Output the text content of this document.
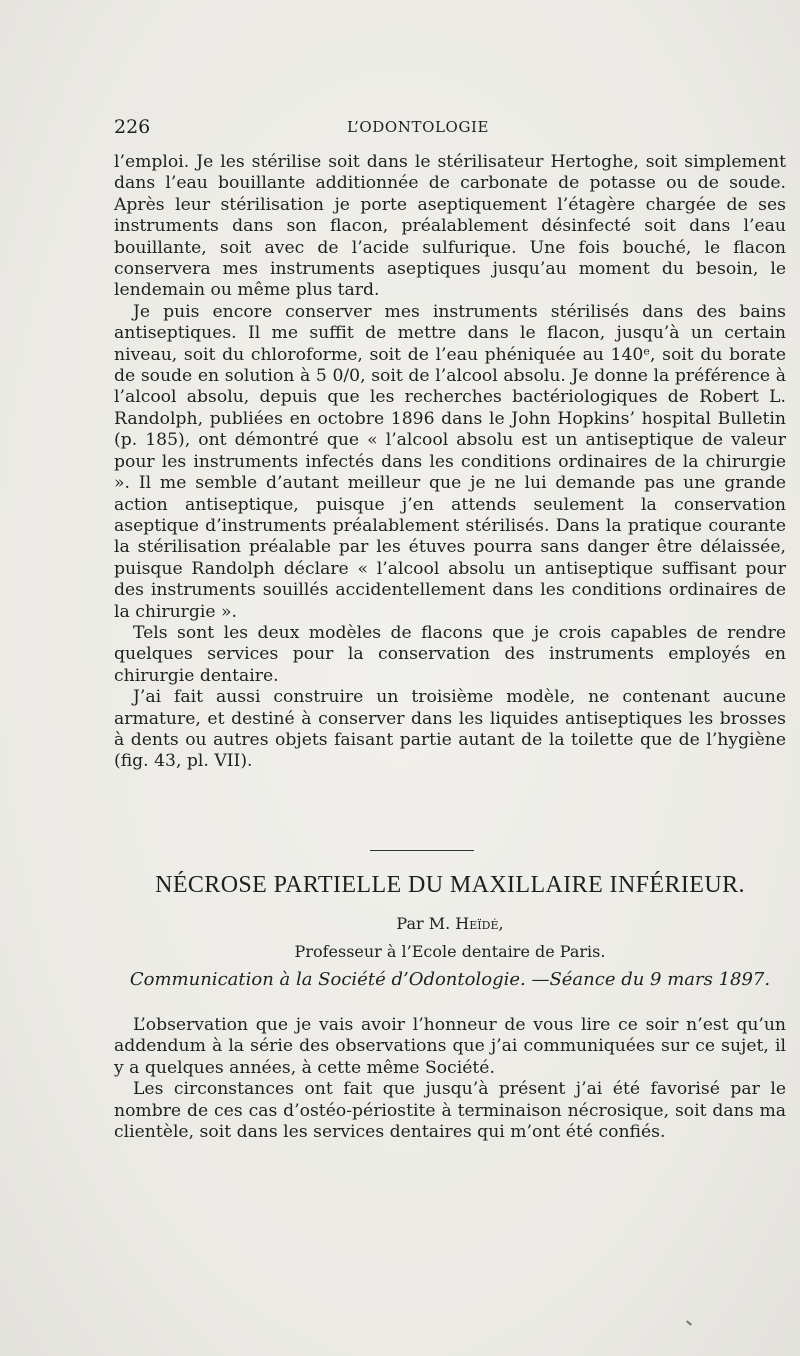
226	L’ODONTOLOGIE

l’emploi. Je les stérilise soit dans le stérilisateur Hertoghe, soit simplement dans l’eau bouillante additionnée de carbonate de potasse ou de soude. Après leur stérilisation je porte aseptiquement l’étagère chargée de ses instruments dans son flacon, préalablement désinfecté soit dans l’eau bouillante, soit avec de l’acide sulfurique. Une fois bouché, le flacon conservera mes instruments aseptiques jusqu’au moment du besoin, le lendemain ou même plus tard.

Je puis encore conserver mes instruments stérilisés dans des bains antiseptiques. Il me suffit de mettre dans le flacon, jusqu’à un certain niveau, soit du chloroforme, soit de l’eau phéniquée au 140ᵉ, soit du borate de soude en solution à 5 0/0, soit de l’alcool absolu. Je donne la préférence à l’alcool absolu, depuis que les recherches bactériologiques de Robert L. Randolph, publiées en octobre 1896 dans le John Hopkins’ hospital Bulletin (p. 185), ont démontré que « l’alcool absolu est un antiseptique de valeur pour les instruments infectés dans les conditions ordinaires de la chirurgie ». Il me semble d’autant meilleur que je ne lui demande pas une grande action antiseptique, puisque j’en attends seulement la conservation aseptique d’instruments préalablement stérilisés. Dans la pratique courante la stérilisation préalable par les étuves pourra sans danger être délaissée, puisque Randolph déclare « l’alcool absolu un antiseptique suffisant pour des instruments souillés accidentellement dans les conditions ordinaires de la chirurgie ».

Tels sont les deux modèles de flacons que je crois capables de rendre quelques services pour la conservation des instruments employés en chirurgie dentaire.

J’ai fait aussi construire un troisième modèle, ne contenant aucune armature, et destiné à conserver dans les liquides antiseptiques les brosses à dents ou autres objets faisant partie autant de la toilette que de l’hygiène (fig. 43, pl. VII).

NÉCROSE PARTIELLE DU MAXILLAIRE INFÉRIEUR.
Par M. Heïdé,
Professeur à l’Ecole dentaire de Paris.
Communication à la Société d’Odontologie. —Séance du 9 mars 1897.

L’observation que je vais avoir l’honneur de vous lire ce soir n’est qu’un addendum à la série des observations que j’ai communiquées sur ce sujet, il y a quelques années, à cette même Société.

Les circonstances ont fait que jusqu’à présent j’ai été favorisé par le nombre de ces cas d’ostéo-périostite à terminaison nécrosique, soit dans ma clientèle, soit dans les services dentaires qui m’ont été confiés.
